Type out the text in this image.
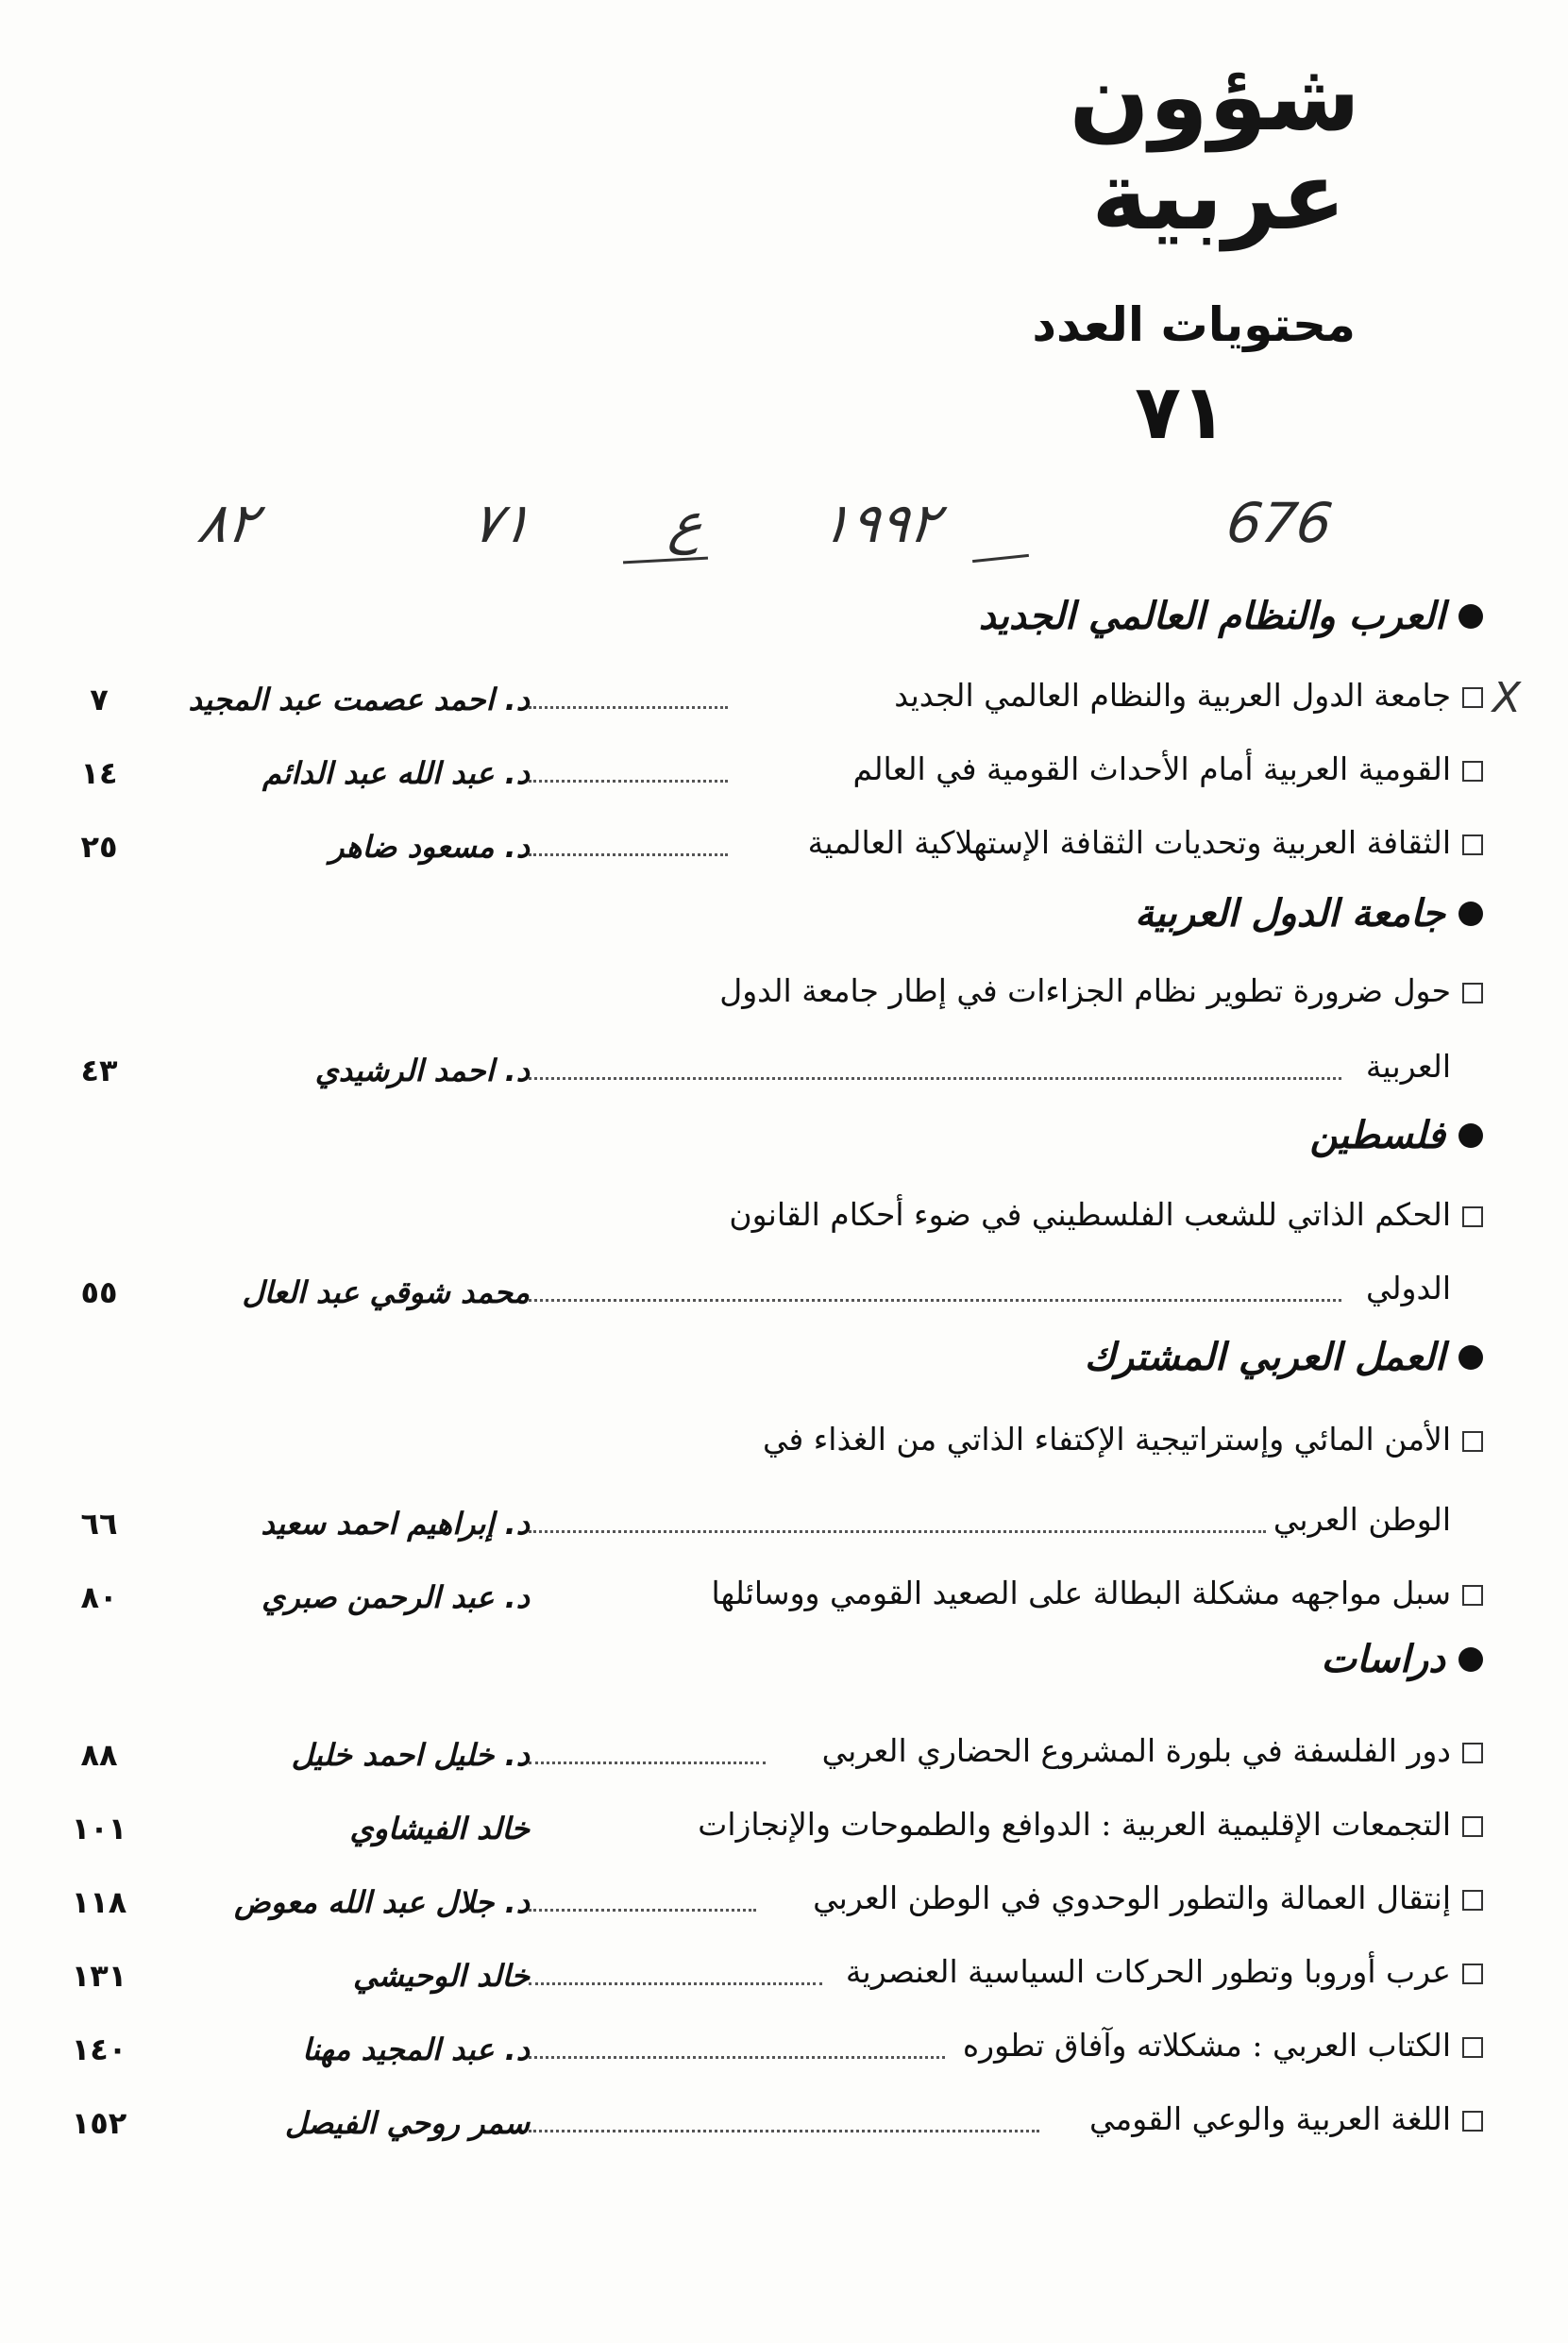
شؤون
عربية
محتويات العدد
٧١
٨٢	٧١ ع ١٩٩٢	676
العرب والنظام العالمي الجديد
X
جامعة الدول العربية والنظام العالمي الجديد
د. احمد عصمت عبد المجيد
٧
القومية العربية أمام الأحداث القومية في العالم
د. عبد الله عبد الدائم
١٤
الثقافة العربية وتحديات الثقافة الإستهلاكية العالمية
د. مسعود ضاهر
٢٥
جامعة الدول العربية
حول ضرورة تطوير نظام الجزاءات في إطار جامعة الدول
العربية
د. احمد الرشيدي
٤٣
فلسطين
الحكم الذاتي للشعب الفلسطيني في ضوء أحكام القانون
الدولي
محمد شوقي عبد العال
٥٥
العمل العربي المشترك
الأمن المائي وإستراتيجية الإكتفاء الذاتي من الغذاء في
الوطن العربي
د. إبراهيم احمد سعيد
٦٦
سبل مواجهه مشكلة البطالة على الصعيد القومي ووسائلها
د. عبد الرحمن صبري
٨٠
دراسات
دور الفلسفة في بلورة المشروع الحضاري العربي
د. خليل احمد خليل
٨٨
التجمعات الإقليمية العربية : الدوافع والطموحات والإنجازات
خالد الفيشاوي
١٠١
إنتقال العمالة والتطور الوحدوي في الوطن العربي
د. جلال عبد الله معوض
١١٨
عرب أوروبا وتطور الحركات السياسية العنصرية
خالد الوحيشي
١٣١
الكتاب العربي : مشكلاته وآفاق تطوره
د. عبد المجيد مهنا
١٤٠
اللغة العربية والوعي القومي
سمر روحي الفيصل
١٥٢
